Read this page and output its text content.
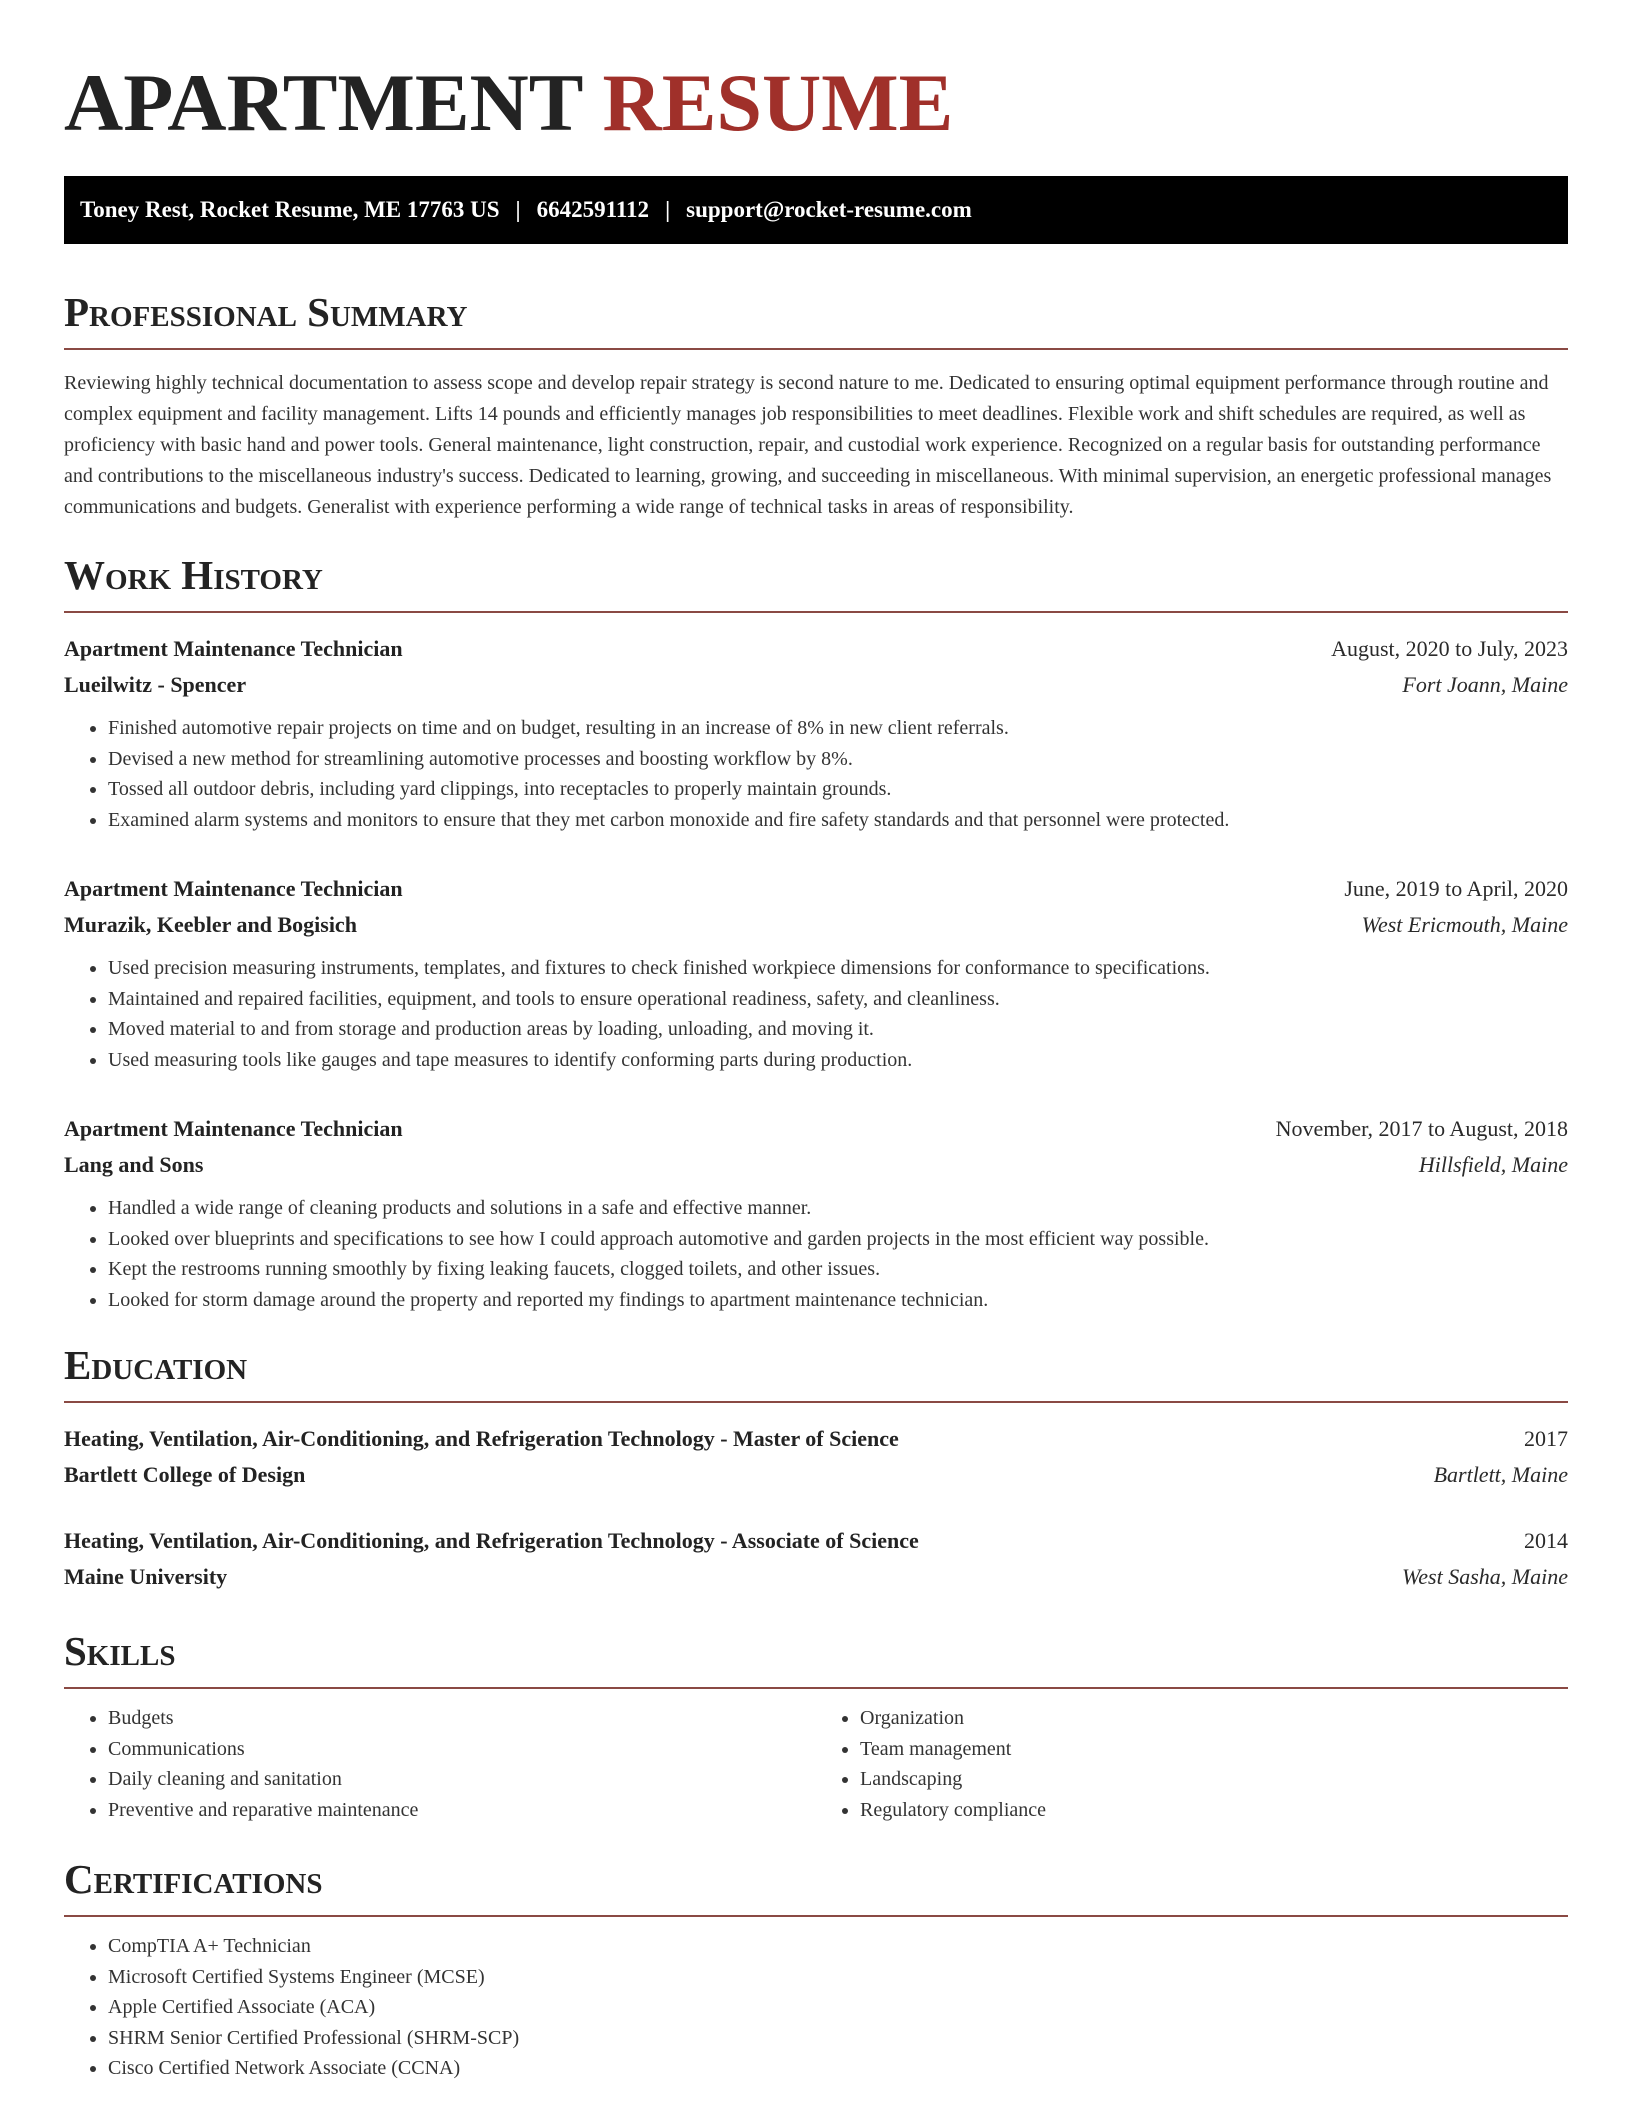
APARTMENT RESUME
Toney Rest, Rocket Resume, ME 17763 US | 6642591112 | support@rocket-resume.com
Professional Summary

Reviewing highly technical documentation to assess scope and develop repair strategy is second nature to me. Dedicated to ensuring optimal equipment performance through routine and complex equipment and facility management. Lifts 14 pounds and efficiently manages job responsibilities to meet deadlines. Flexible work and shift schedules are required, as well as proficiency with basic hand and power tools. General maintenance, light construction, repair, and custodial work experience. Recognized on a regular basis for outstanding performance and contributions to the miscellaneous industry's success. Dedicated to learning, growing, and succeeding in miscellaneous. With minimal supervision, an energetic professional manages communications and budgets. Generalist with experience performing a wide range of technical tasks in areas of responsibility.

Work History
Apartment Maintenance Technician	August, 2020 to July, 2023
Lueilwitz - Spencer	Fort Joann, Maine
• Finished automotive repair projects on time and on budget, resulting in an increase of 8% in new client referrals.
• Devised a new method for streamlining automotive processes and boosting workflow by 8%.
• Tossed all outdoor debris, including yard clippings, into receptacles to properly maintain grounds.
• Examined alarm systems and monitors to ensure that they met carbon monoxide and fire safety standards and that personnel were protected.
Apartment Maintenance Technician	June, 2019 to April, 2020
Murazik, Keebler and Bogisich	West Ericmouth, Maine
• Used precision measuring instruments, templates, and fixtures to check finished workpiece dimensions for conformance to specifications.
• Maintained and repaired facilities, equipment, and tools to ensure operational readiness, safety, and cleanliness.
• Moved material to and from storage and production areas by loading, unloading, and moving it.
• Used measuring tools like gauges and tape measures to identify conforming parts during production.
Apartment Maintenance Technician	November, 2017 to August, 2018
Lang and Sons	Hillsfield, Maine
• Handled a wide range of cleaning products and solutions in a safe and effective manner.
• Looked over blueprints and specifications to see how I could approach automotive and garden projects in the most efficient way possible.
• Kept the restrooms running smoothly by fixing leaking faucets, clogged toilets, and other issues.
• Looked for storm damage around the property and reported my findings to apartment maintenance technician.
Education
Heating, Ventilation, Air-Conditioning, and Refrigeration Technology - Master of Science	2017
Bartlett College of Design	Bartlett, Maine
Heating, Ventilation, Air-Conditioning, and Refrigeration Technology - Associate of Science	2014
Maine University	West Sasha, Maine
Skills
• Budgets
• Communications
• Daily cleaning and sanitation
• Preventive and reparative maintenance
• Organization
• Team management
• Landscaping
• Regulatory compliance
Certifications
• CompTIA A+ Technician
• Microsoft Certified Systems Engineer (MCSE)
• Apple Certified Associate (ACA)
• SHRM Senior Certified Professional (SHRM-SCP)
• Cisco Certified Network Associate (CCNA)
